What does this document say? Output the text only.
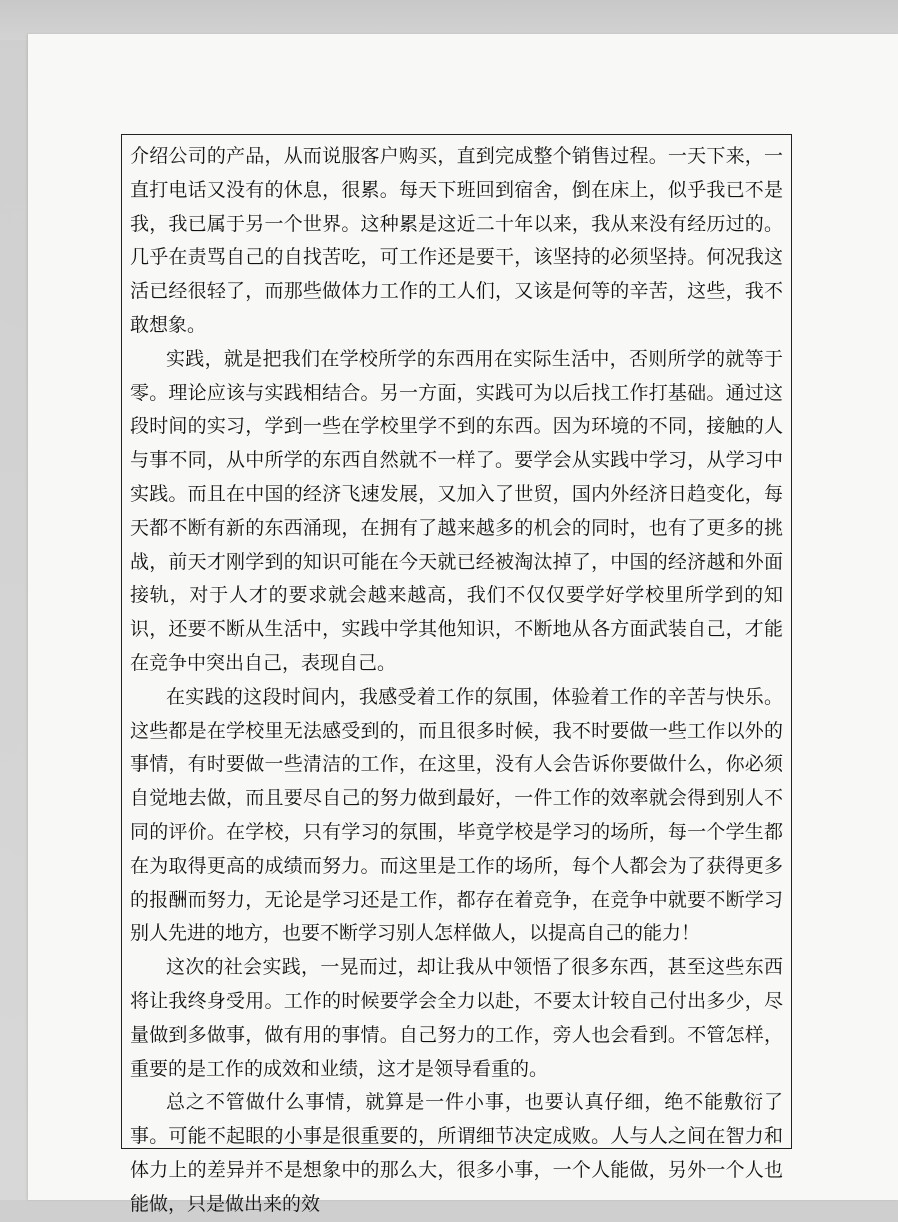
介绍公司的产品，从而说服客户购买，直到完成整个销售过程。一天下来，一直打电话又没有的休息，很累。每天下班回到宿舍，倒在床上，似乎我已不是我，我已属于另一个世界。这种累是这近二十年以来，我从来没有经历过的。几乎在责骂自己的自找苦吃，可工作还是要干，该坚持的必须坚持。何况我这活已经很轻了，而那些做体力工作的工人们，又该是何等的辛苦，这些，我不敢想象。

实践，就是把我们在学校所学的东西用在实际生活中，否则所学的就等于零。理论应该与实践相结合。另一方面，实践可为以后找工作打基础。通过这段时间的实习，学到一些在学校里学不到的东西。因为环境的不同，接触的人与事不同，从中所学的东西自然就不一样了。要学会从实践中学习，从学习中实践。而且在中国的经济飞速发展，又加入了世贸，国内外经济日趋变化，每天都不断有新的东西涌现，在拥有了越来越多的机会的同时，也有了更多的挑战，前天才刚学到的知识可能在今天就已经被淘汰掉了，中国的经济越和外面接轨，对于人才的要求就会越来越高，我们不仅仅要学好学校里所学到的知识，还要不断从生活中，实践中学其他知识，不断地从各方面武装自己，才能在竞争中突出自己，表现自己。

在实践的这段时间内，我感受着工作的氛围，体验着工作的辛苦与快乐。这些都是在学校里无法感受到的，而且很多时候，我不时要做一些工作以外的事情，有时要做一些清洁的工作，在这里，没有人会告诉你要做什么，你必须自觉地去做，而且要尽自己的努力做到最好，一件工作的效率就会得到别人不同的评价。在学校，只有学习的氛围，毕竟学校是学习的场所，每一个学生都在为取得更高的成绩而努力。而这里是工作的场所，每个人都会为了获得更多的报酬而努力，无论是学习还是工作，都存在着竞争，在竞争中就要不断学习别人先进的地方，也要不断学习别人怎样做人，以提高自己的能力！

这次的社会实践，一晃而过，却让我从中领悟了很多东西，甚至这些东西将让我终身受用。工作的时候要学会全力以赴，不要太计较自己付出多少，尽量做到多做事，做有用的事情。自己努力的工作，旁人也会看到。不管怎样，重要的是工作的成效和业绩，这才是领导看重的。

总之不管做什么事情，就算是一件小事，也要认真仔细，绝不能敷衍了事。可能不起眼的小事是很重要的，所谓细节决定成败。人与人之间在智力和体力上的差异并不是想象中的那么大，很多小事，一个人能做，另外一个人也能做，只是做出来的效
